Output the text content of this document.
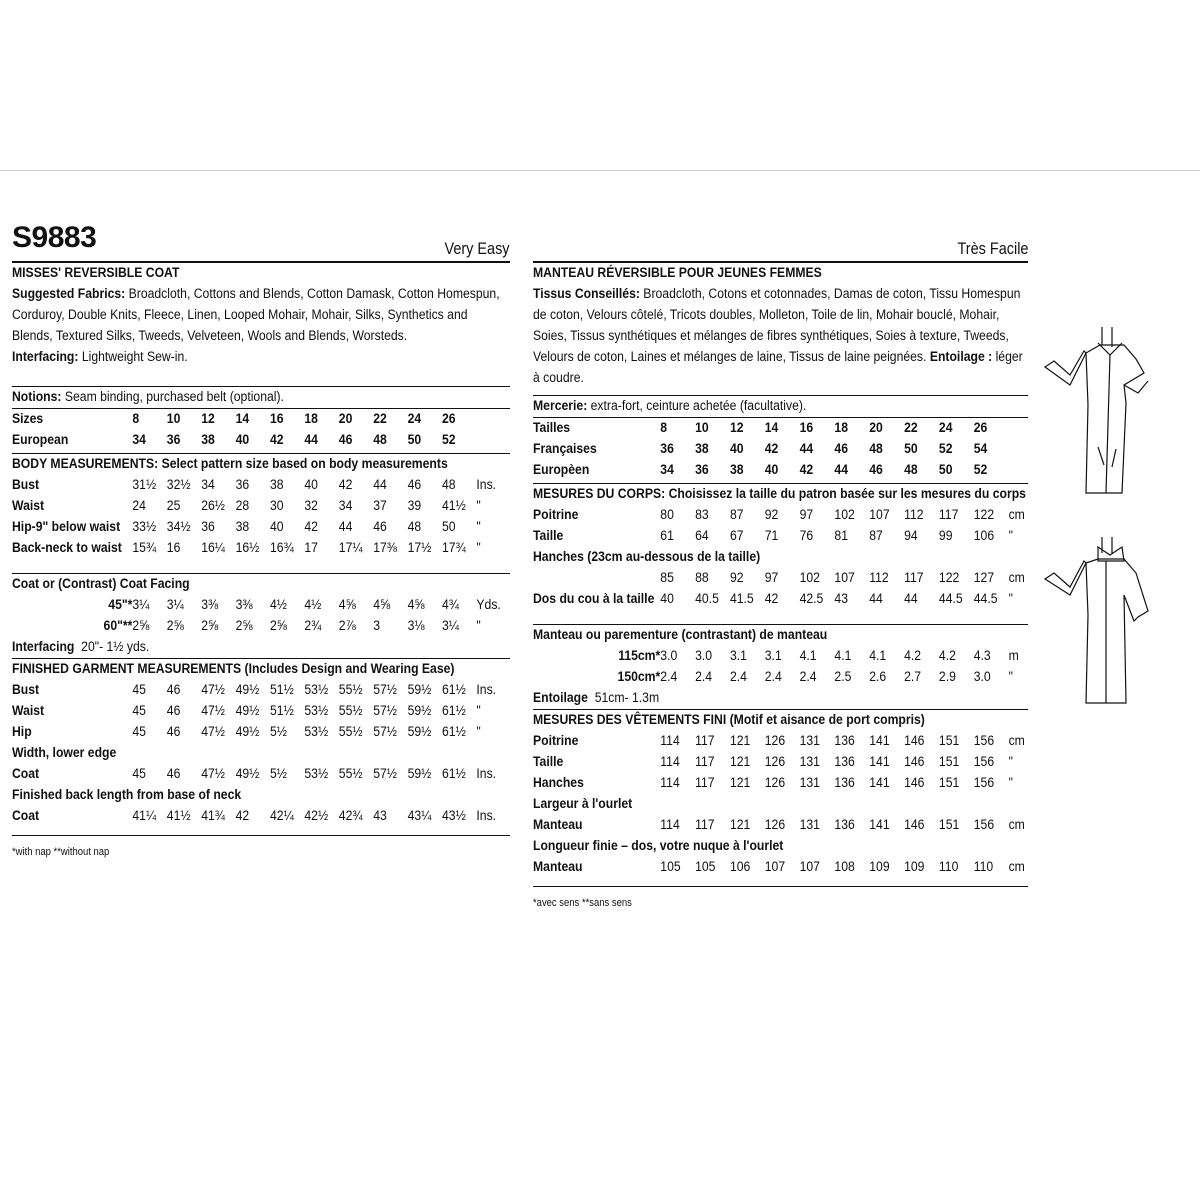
S9883	Very Easy
MISSES' REVERSIBLE COAT
Suggested Fabrics: Broadcloth, Cottons and Blends, Cotton Damask, Cotton Homespun, Corduroy, Double Knits, Fleece, Linen, Looped Mohair, Mohair, Silks, Synthetics and Blends, Textured Silks, Tweeds, Velveteen, Wools and Blends, Worsteds.
Interfacing: Lightweight Sew-in.
Notions: Seam binding, purchased belt (optional).
Sizes	8	10	12	14	16	18	20	22	24	26
European	34	36	38	40	42	44	46	48	50	52
BODY MEASUREMENTS: Select pattern size based on body measurements
Bust	31½ 32½ 34	36	38	40	42	44	46	48	Ins.
Waist	24	25	26½ 28	30	32	34	37	39	41½ "
Hip-9" below waist 33½ 34½ 36	38	40	42	44	46	48	50	"
Back-neck to waist 15¾ 16	16¼ 16½ 16¾ 17	17¼ 17⅜ 17½ 17¾ "
Coat or (Contrast) Coat Facing
45"* 3¼	3¼	3⅜	3⅜	4½	4½	4⅝	4⅝	4⅝	4¾	Yds.
60"** 2⅝	2⅝	2⅝	2⅝	2⅝	2¾	2⅞	3	3⅛	3¼	"
Interfacing 20"- 1½ yds.
FINISHED GARMENT MEASUREMENTS (Includes Design and Wearing Ease)
Bust	45	46	47½ 49½ 51½ 53½ 55½ 57½ 59½ 61½ Ins.
Waist	45	46	47½ 49½ 51½ 53½ 55½ 57½ 59½ 61½ "
Hip	45	46	47½ 49½ 5½	53½ 55½ 57½ 59½ 61½ "
Width, lower edge
Coat	45	46	47½ 49½ 5½	53½ 55½ 57½ 59½ 61½ Ins.
Finished back length from base of neck
Coat	41¼ 41½ 41¾ 42	42¼ 42½ 42¾ 43	43¼ 43½ Ins.
*with nap **without nap
Très Facile
MANTEAU RÉVERSIBLE POUR JEUNES FEMMES
Tissus Conseillés: Broadcloth, Cotons et cotonnades, Damas de coton, Tissu Homespun de coton, Velours côtelé, Tricots doubles, Molleton, Toile de lin, Mohair bouclé, Mohair, Soies, Tissus synthétiques et mélanges de fibres synthétiques, Soies à texture, Tweeds, Velours de coton, Laines et mélanges de laine, Tissus de laine peignées. Entoilage : léger à coudre.
Mercerie: extra-fort, ceinture achetée (facultative).
Tailles	8	10	12	14	16	18	20	22	24	26
Françaises	36	38	40	42	44	46	48	50	52	54
Europèen	34	36	38	40	42	44	46	48	50	52
MESURES DU CORPS: Choisissez la taille du patron basée sur les mesures du corps
Poitrine	80	83	87	92	97	102	107	112	117	122	cm
Taille	61	64	67	71	76	81	87	94	99	106	"
Hanches (23cm au-dessous de la taille)
85	88	92	97	102	107	112	117	122	127	cm
Dos du cou à la taille 40	40.5 41.5 42	42.5 43	44	44	44.5 44.5 "
Manteau ou parementure (contrastant) de manteau
115cm* 3.0	3.0	3.1	3.1	4.1	4.1	4.1	4.2	4.2	4.3	m
150cm* 2.4	2.4	2.4	2.4	2.4	2.5	2.6	2.7	2.9	3.0	"
Entoilage 51cm- 1.3m
MESURES DES VÊTEMENTS FINI (Motif et aisance de port compris)
Poitrine	114	117	121	126	131	136	141	146	151	156	cm
Taille	114	117	121	126	131	136	141	146	151	156	"
Hanches	114	117	121	126	131	136	141	146	151	156	"
Largeur à l'ourlet
Manteau	114	117	121	126	131	136	141	146	151	156	cm
Longueur finie – dos, votre nuque à l'ourlet
Manteau	105	105	106	107	107	108	109	109	110	110	cm
*avec sens **sans sens
